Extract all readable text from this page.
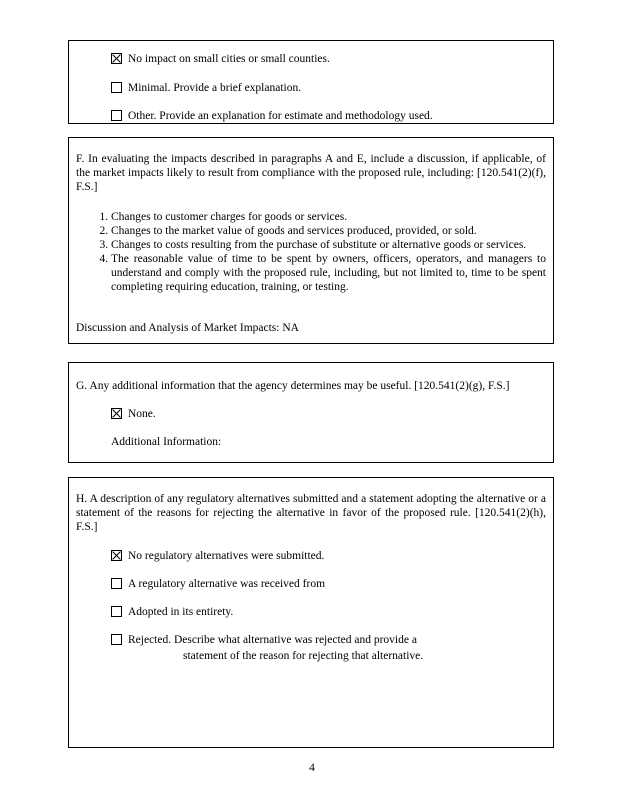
No impact on small cities or small counties.
Minimal. Provide a brief explanation.
Other. Provide an explanation for estimate and methodology used.
F. In evaluating the impacts described in paragraphs A and E, include a discussion, if applicable, of the market impacts likely to result from compliance with the proposed rule, including: [120.541(2)(f), F.S.]
1. Changes to customer charges for goods or services.
2. Changes to the market value of goods and services produced, provided, or sold.
3. Changes to costs resulting from the purchase of substitute or alternative goods or services.
4. The reasonable value of time to be spent by owners, officers, operators, and managers to understand and comply with the proposed rule, including, but not limited to, time to be spent completing requiring education, training, or testing.
Discussion and Analysis of Market Impacts: NA
G. Any additional information that the agency determines may be useful. [120.541(2)(g), F.S.]
None.
Additional Information:
H. A description of any regulatory alternatives submitted and a statement adopting the alternative or a statement of the reasons for rejecting the alternative in favor of the proposed rule. [120.541(2)(h), F.S.]
No regulatory alternatives were submitted.
A regulatory alternative was received from
Adopted in its entirety.
Rejected. Describe what alternative was rejected and provide a
statement of the reason for rejecting that alternative.
4
